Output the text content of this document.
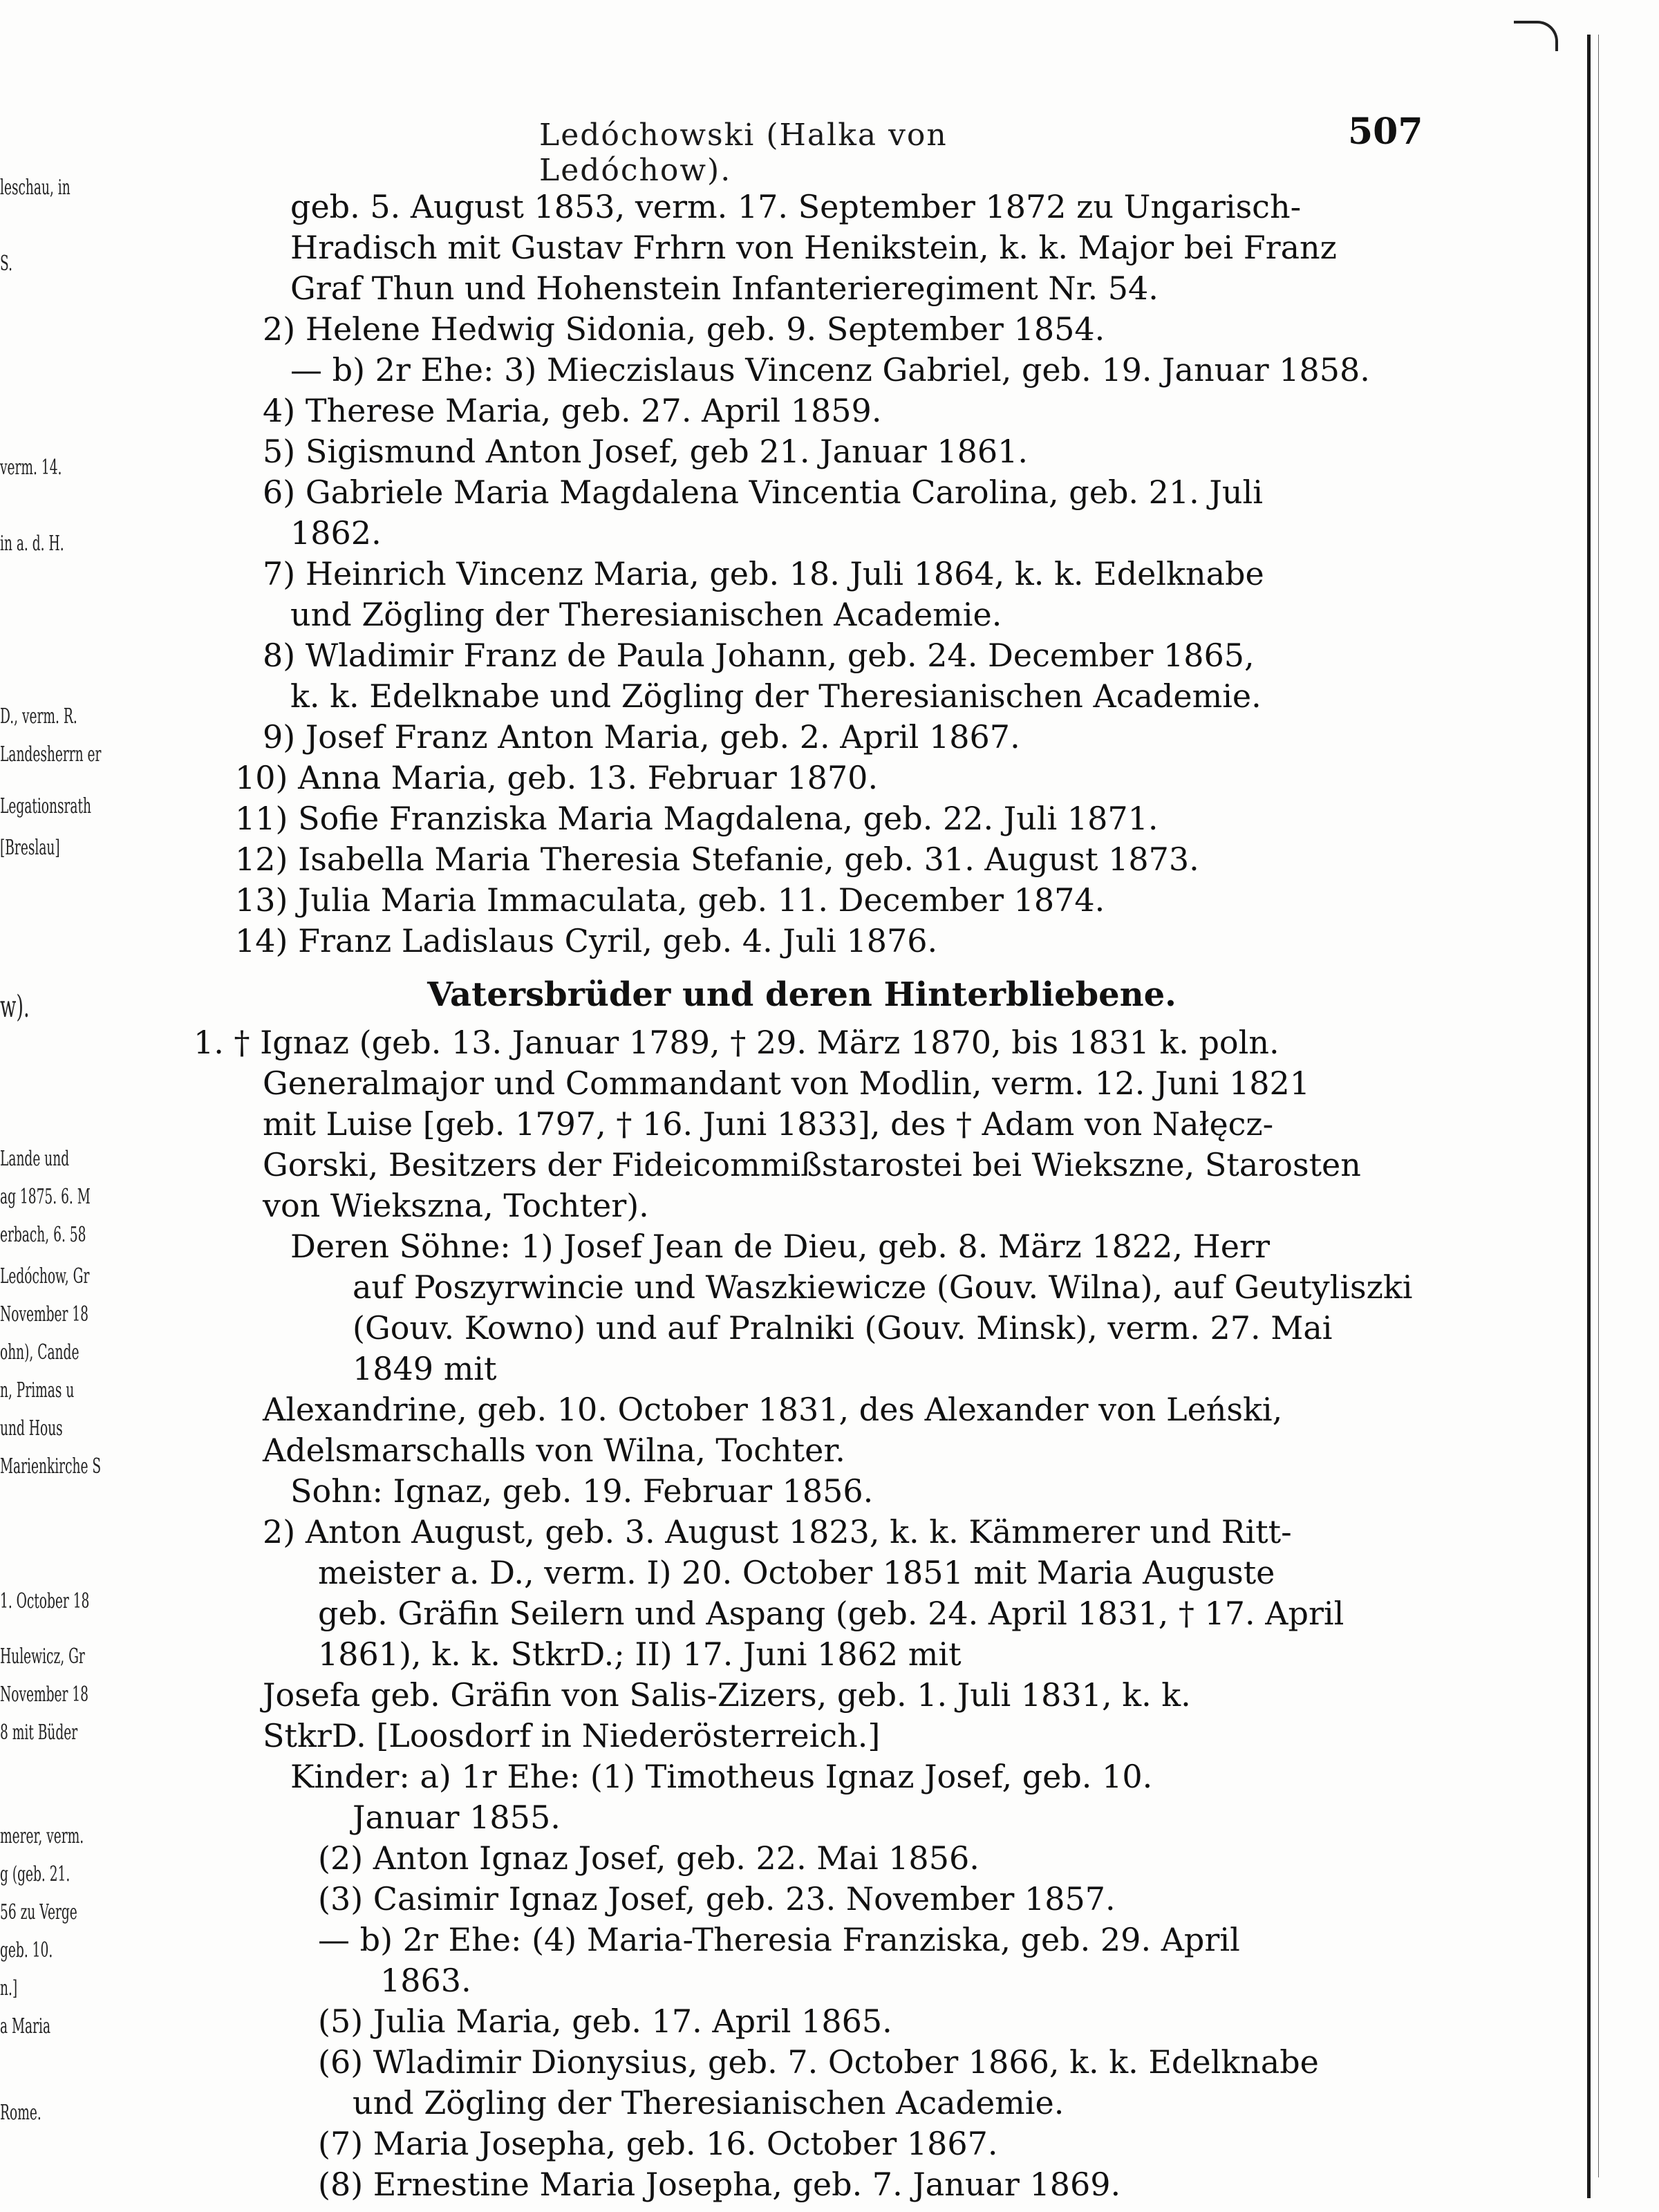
leschau, in
S.
verm. 14.
in a. d. H.
D., verm. R.
Landesherrn er
Legationsrath
[Breslau]
w).
Lande und
ag 1875. 6. M
erbach, 6. 58
Ledóchow, Gr
November 18
ohn), Cande
n, Primas u
und Hous
Marienkirche S
1. October 18
Hulewicz, Gr
November 18
8 mit Büder
merer, verm.
g (geb. 21.
56 zu Verge
geb. 10.
n.]
a Maria
Rome.
Ledóchowski (Halka von Ledóchow).
507
geb. 5. August 1853, verm. 17. September 1872 zu Ungarisch-
Hradisch mit Gustav Frhrn von Henikstein, k. k. Major bei Franz
Graf Thun und Hohenstein Infanterieregiment Nr. 54.
2) Helene Hedwig Sidonia, geb. 9. September 1854.
— b) 2r Ehe: 3) Mieczislaus Vincenz Gabriel, geb. 19. Januar 1858.
4) Therese Maria, geb. 27. April 1859.
5) Sigismund Anton Josef, geb 21. Januar 1861.
6) Gabriele Maria Magdalena Vincentia Carolina, geb. 21. Juli
1862.
7) Heinrich Vincenz Maria, geb. 18. Juli 1864, k. k. Edelknabe
und Zögling der Theresianischen Academie.
8) Wladimir Franz de Paula Johann, geb. 24. December 1865,
k. k. Edelknabe und Zögling der Theresianischen Academie.
9) Josef Franz Anton Maria, geb. 2. April 1867.
10) Anna Maria, geb. 13. Februar 1870.
11) Sofie Franziska Maria Magdalena, geb. 22. Juli 1871.
12) Isabella Maria Theresia Stefanie, geb. 31. August 1873.
13) Julia Maria Immaculata, geb. 11. December 1874.
14) Franz Ladislaus Cyril, geb. 4. Juli 1876.
Vatersbrüder und deren Hinterbliebene.
1. † Ignaz (geb. 13. Januar 1789, † 29. März 1870, bis 1831 k. poln.
Generalmajor und Commandant von Modlin, verm. 12. Juni 1821
mit Luise [geb. 1797, † 16. Juni 1833], des † Adam von Nałęcz-
Gorski, Besitzers der Fideicommißstarostei bei Wiekszne, Starosten
von Wiekszna, Tochter).
Deren Söhne: 1) Josef Jean de Dieu, geb. 8. März 1822, Herr
auf Poszyrwincie und Waszkiewicze (Gouv. Wilna), auf Geutyliszki
(Gouv. Kowno) und auf Pralniki (Gouv. Minsk), verm. 27. Mai
1849 mit
Alexandrine, geb. 10. October 1831, des Alexander von Leński,
Adelsmarschalls von Wilna, Tochter.
Sohn: Ignaz, geb. 19. Februar 1856.
2) Anton August, geb. 3. August 1823, k. k. Kämmerer und Ritt-
meister a. D., verm. I) 20. October 1851 mit Maria Auguste
geb. Gräfin Seilern und Aspang (geb. 24. April 1831, † 17. April
1861), k. k. StkrD.; II) 17. Juni 1862 mit
Josefa geb. Gräfin von Salis-Zizers, geb. 1. Juli 1831, k. k.
StkrD. [Loosdorf in Niederösterreich.]
Kinder: a) 1r Ehe: (1) Timotheus Ignaz Josef, geb. 10.
Januar 1855.
(2) Anton Ignaz Josef, geb. 22. Mai 1856.
(3) Casimir Ignaz Josef, geb. 23. November 1857.
— b) 2r Ehe: (4) Maria-Theresia Franziska, geb. 29. April
1863.
(5) Julia Maria, geb. 17. April 1865.
(6) Wladimir Dionysius, geb. 7. October 1866, k. k. Edelknabe
und Zögling der Theresianischen Academie.
(7) Maria Josepha, geb. 16. October 1867.
(8) Ernestine Maria Josepha, geb. 7. Januar 1869.
